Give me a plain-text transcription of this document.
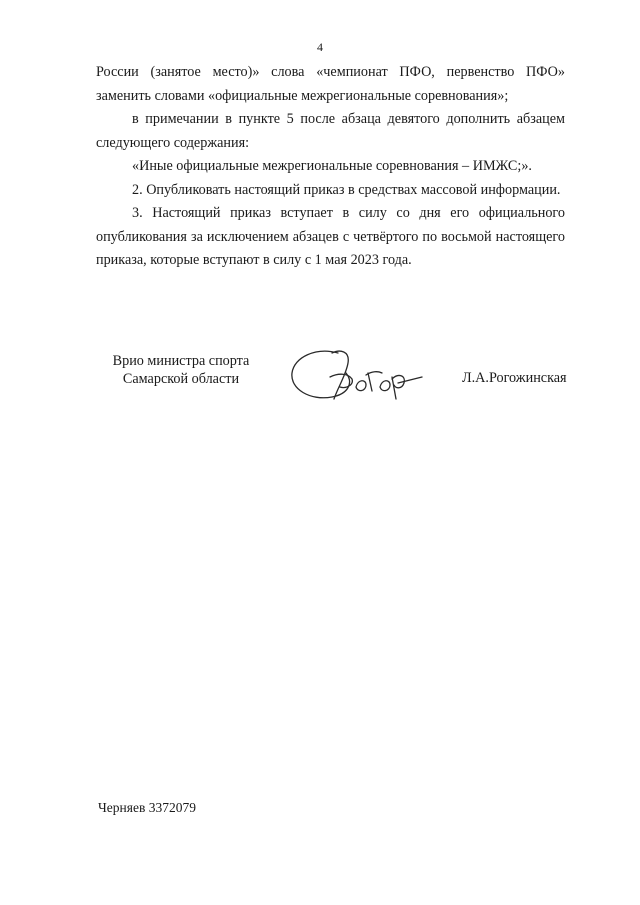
4

России (занятое место)» слова «чемпионат ПФО, первенство ПФО» заменить словами «официальные межрегиональные соревнования»;

в примечании в пункте 5 после абзаца девятого дополнить абзацем следующего содержания:

«Иные официальные межрегиональные соревнования – ИМЖС;».

2. Опубликовать настоящий приказ в средствах массовой информации.

3. Настоящий приказ вступает в силу со дня его официального опубликования за исключением абзацев с четвёртого по восьмой настоящего приказа, которые вступают в силу с 1 мая 2023 года.

Врио министра спорта
Самарской области	Л.А.Рогожинская
Черняев 3372079
